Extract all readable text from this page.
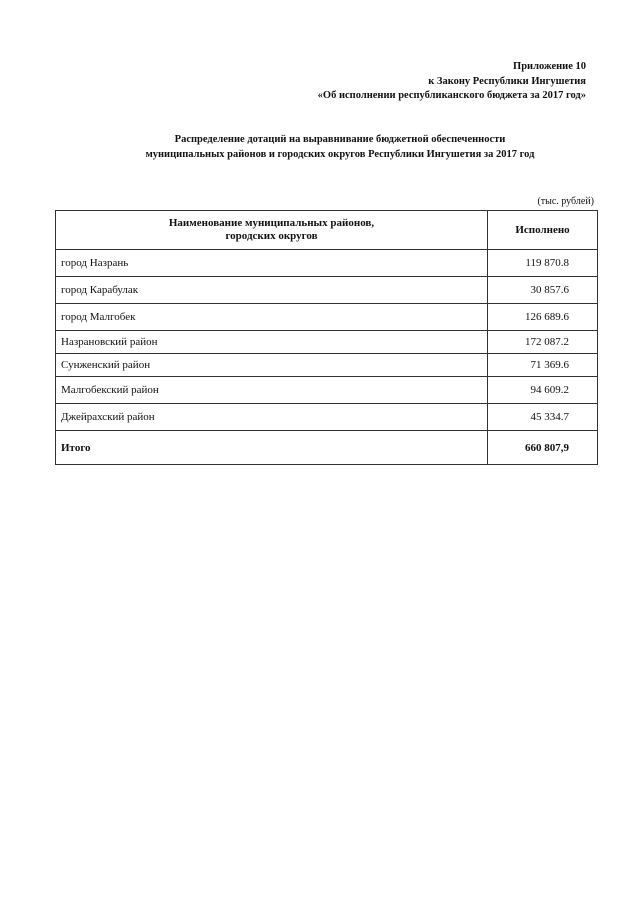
Приложение 10
к Закону Республики Ингушетия
«Об исполнении республиканского бюджета за 2017 год»
Распределение дотаций на выравнивание бюджетной обеспеченности
муниципальных районов и городских округов Республики Ингушетия за 2017 год
(тыс. рублей)
Наименование муниципальных районов,
городских округов	Исполнено
город Назрань	119 870.8
город Карабулак	30 857.6
город Малгобек	126 689.6
Назрановский район	172 087.2
Сунженский район	71 369.6
Малгобекский район	94 609.2
Джейрахский район	45 334.7
Итого	660 807,9
